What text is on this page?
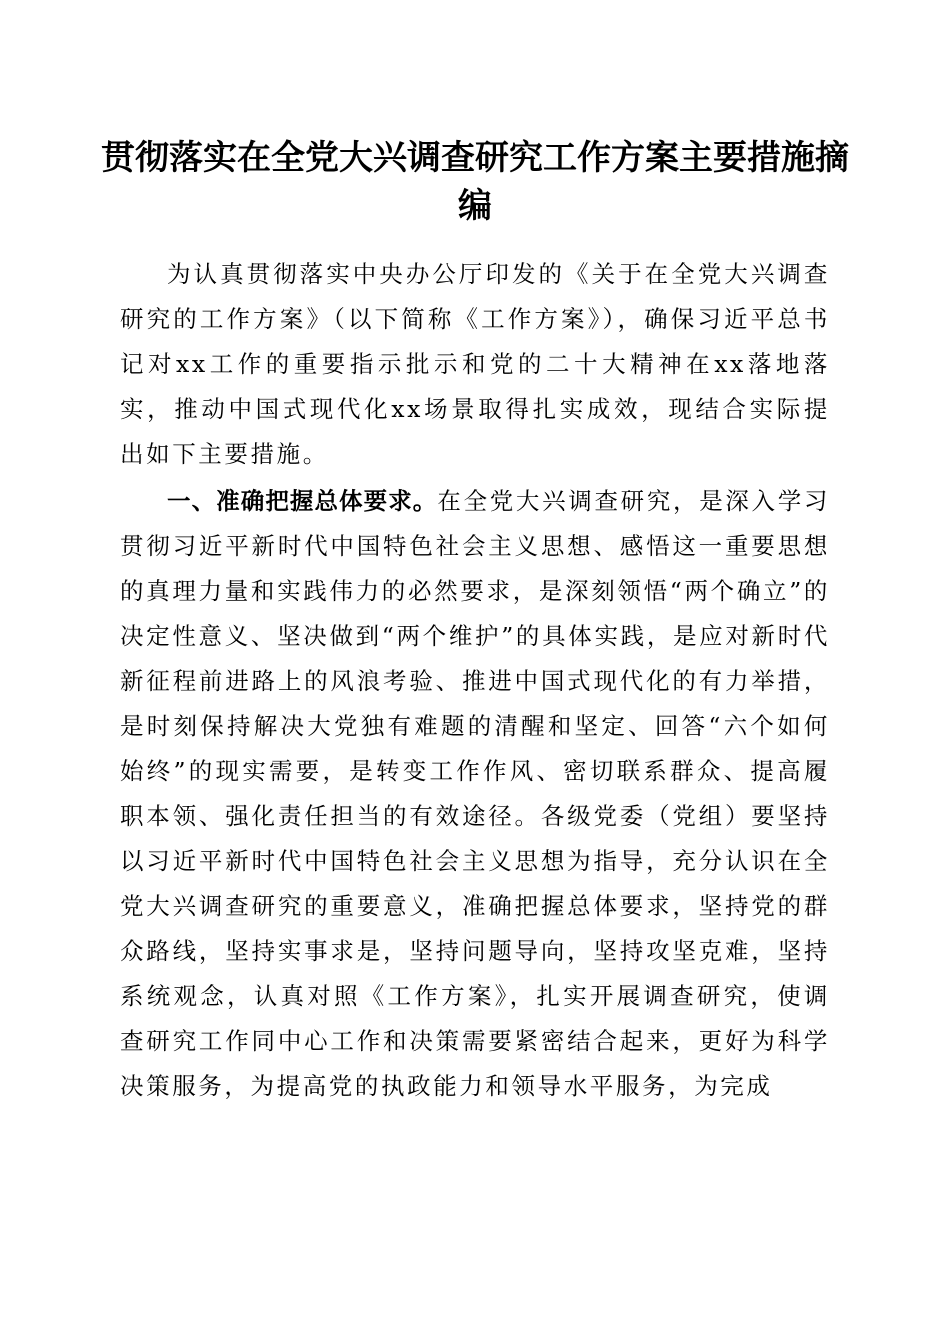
贯彻落实在全党大兴调查研究工作方案主要措施摘编

为认真贯彻落实中央办公厅印发的《关于在全党大兴调查研究的工作方案》（以下简称《工作方案》），确保习近平总书记对xx工作的重要指示批示和党的二十大精神在xx落地落实，推动中国式现代化xx场景取得扎实成效，现结合实际提出如下主要措施。

一、准确把握总体要求。在全党大兴调查研究，是深入学习贯彻习近平新时代中国特色社会主义思想、感悟这一重要思想的真理力量和实践伟力的必然要求，是深刻领悟“两个确立”的决定性意义、坚决做到“两个维护”的具体实践，是应对新时代新征程前进路上的风浪考验、推进中国式现代化的有力举措，是时刻保持解决大党独有难题的清醒和坚定、回答“六个如何始终”的现实需要，是转变工作作风、密切联系群众、提高履职本领、强化责任担当的有效途径。各级党委（党组）要坚持以习近平新时代中国特色社会主义思想为指导，充分认识在全党大兴调查研究的重要意义，准确把握总体要求，坚持党的群众路线，坚持实事求是，坚持问题导向，坚持攻坚克难，坚持系统观念，认真对照《工作方案》，扎实开展调查研究，使调查研究工作同中心工作和决策需要紧密结合起来，更好为科学决策服务，为提高党的执政能力和领导水平服务，为完成
